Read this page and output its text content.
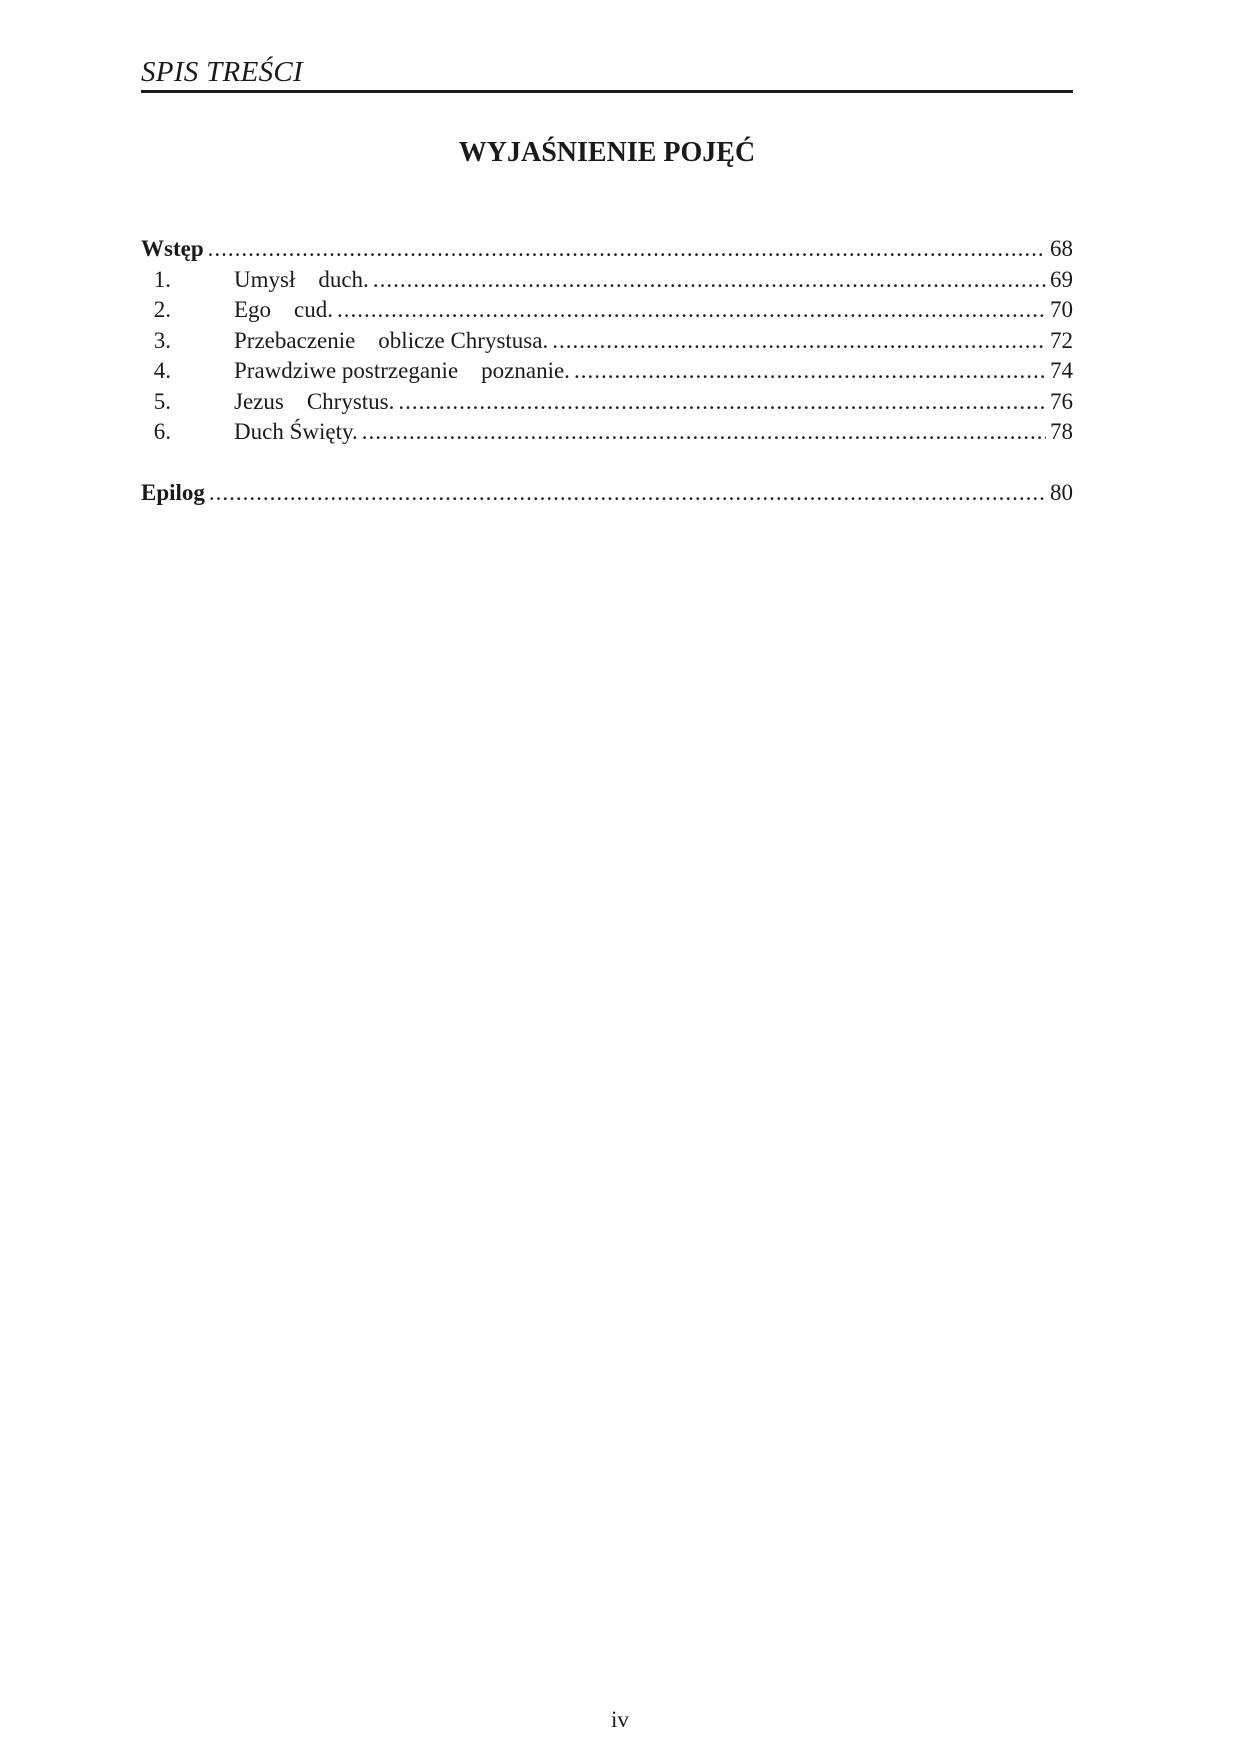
SPIS TREŚCI
WYJAŚNIENIE POJĘĆ
Wstęp .....	68
1.	Umysł    duch. .....	69
2.	Ego    cud. .....	70
3.	Przebaczenie    oblicze Chrystusa. .....	72
4.	Prawdziwe postrzeganie    poznanie. .....	74
5.	Jezus    Chrystus. .....	76
6.	Duch Święty. .....	78
Epilog .....	80
iv
